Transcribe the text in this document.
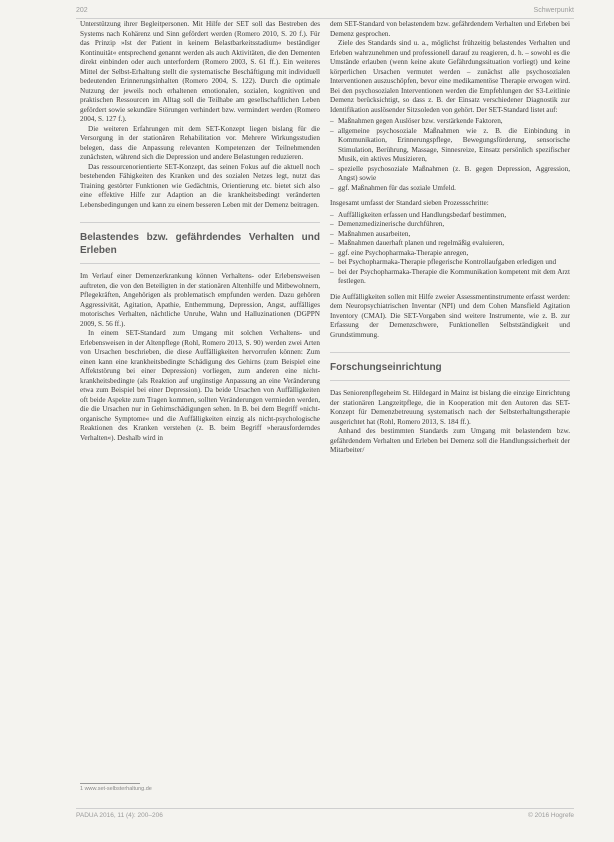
202	Schwerpunkt

Unterstützung ihrer Begleitpersonen. Mit Hilfe der SET soll das Bestreben des Systems nach Kohärenz und Sinn gefördert werden (Romero 2010, S. 20 f.). Für das Prinzip »Ist der Patient in keinem Belastbarkeitsstadium« beständiger Kontinuität« entsprechend genannt werden als auch Aktivitäten, die den Dementen direkt einbinden oder auch unterfordern (Romero 2003, S. 61 ff.). Ein weiteres Mittel der Selbst-Erhaltung stellt die systematische Beschäftigung mit individuell bedeutenden Erinnerungsinhalten (Romero 2004, S. 122). Durch die optimale Nutzung der jeweils noch erhaltenen emotionalen, sozialen, kognitiven und praktischen Ressourcen im Alltag soll die Teilhabe am gesellschaftlichen Leben gefördert sowie sekundäre Störungen verhindert bzw. vermindert werden (Romero 2004, S. 127 f.).

Die weiteren Erfahrungen mit dem SET-Konzept liegen bislang für die Versorgung in der stationären Rehabilitation vor. Mehrere Wirkungsstudien belegen, dass die Anpassung relevanten Kompetenzen der Teilnehmenden zunächsten, während sich die Depression und andere Belastungen reduzieren.

Das ressourcenorientierte SET-Konzept, das seinen Fokus auf die aktuell noch bestehenden Fähigkeiten des Kranken und des sozialen Netzes legt, nutzt das Training gestörter Funktionen wie Gedächtnis, Orientierung etc. bietet sich also eine effektive Hilfe zur Adaption an die krankheitsbedingt veränderten Lebensbedingungen und kann zu einem besseren Leben mit der Demenz beitragen.

Belastendes bzw. gefährdendes Verhalten und Erleben

Im Verlauf einer Demenzerkrankung können Verhaltens- oder Erlebensweisen auftreten, die von den Beteiligten in der stationären Altenhilfe und Mitbewohnern, Pflegekräften, Angehörigen als problematisch empfunden werden. Dazu gehören Aggressivität, Agitation, Apathie, Enthemmung, Depression, Angst, auffälliges motorisches Verhalten, nächtliche Unruhe, Wahn und Halluzinationen (DGPPN 2009, S. 56 ff.).

In einem SET-Standard zum Umgang mit solchen Verhaltens- und Erlebensweisen in der Altenpflege (Rohl, Romero 2013, S. 90) werden zwei Arten von Ursachen beschrieben, die diese Auffälligkeiten hervorrufen können: Zum einen kann eine krankheitsbedingte Schädigung des Gehirns (zum Beispiel eine Affektstörung bei einer Depression) vorliegen, zum anderen eine nicht-krankheitsbedingte (als Reaktion auf ungünstige Anpassung an eine Veränderung etwa zum Beispiel bei einer Depression). Da beide Ursachen von Auffälligkeiten oft beide Aspekte zum Tragen kommen, sollten Veränderungen vermieden werden, die die Ursachen nur in Gehirnschädigungen sehen. In B. bei dem Begriff »nicht-organische Symptome« und die Auffälligkeiten einzig als nicht-psychologische Reaktionen des Kranken verstehen (z. B. beim Begriff »herausforderndes Verhalten«). Deshalb wird in

dem SET-Standard von belastendem bzw. gefährdendem Verhalten und Erleben bei Demenz gesprochen.

Ziele des Standards sind u. a., möglichst frühzeitig belastendes Verhalten und Erleben wahrzunehmen und professionell darauf zu reagieren, d. h. – sowohl es die Umstände erlauben (wenn keine akute Gefährdungssituation vorliegt) und keine körperlichen Ursachen vermutet werden – zunächst alle psychosozialen Interventionen auszuschöpfen, bevor eine medikamentöse Therapie erwogen wird. Bei den psychosozialen Interventionen werden die Empfehlungen der S3-Leitlinie Demenz berücksichtigt, so dass z. B. der Einsatz verschiedener Diagnostik zur Identifikation auslösender Sitzsoleden von gehört. Der SET-Standard listet auf:

– Maßnahmen gegen Auslöser bzw. verstärkende Faktoren,
– allgemeine psychosoziale Maßnahmen wie z. B. die Einbindung in Kommunikation, Erinnerungspflege, Bewegungsförderung, sensorische Stimulation, Berührung, Massage, Sinnesreize, Einsatz persönlich spezifischer Musik, ein aktives Musizieren,
– spezielle psychosoziale Maßnahmen (z. B. gegen Depression, Aggression, Angst) sowie
– ggf. Maßnahmen für das soziale Umfeld.

Insgesamt umfasst der Standard sieben Prozessschritte:

– Auffälligkeiten erfassen und Handlungsbedarf bestimmen,
– Demenzmedizinerische durchführen,
– Maßnahmen ausarbeiten,
– Maßnahmen dauerhaft planen und regelmäßig evaluieren,
– ggf. eine Psychopharmaka-Therapie anregen,
– bei Psychopharmaka-Therapie pflegerische Kontrollaufgaben erledigen und
– bei der Psychopharmaka-Therapie die Kommunikation kompetent mit dem Arzt festlegen.

Die Auffälligkeiten sollen mit Hilfe zweier Assessmentinstrumente erfasst werden: dem Neuropsychiatrischen Inventar (NPI) und dem Cohen Mansfield Agitation Inventory (CMAI). Die SET-Vorgaben sind weitere Instrumente, wie z. B. zur Erfassung der Demenzschwere, Funktionellen Selbstständigkeit und Grundstimmung.

Forschungseinrichtung

Das Seniorenpflegeheim St. Hildegard in Mainz ist bislang die einzige Einrichtung der stationären Langzeitpflege, die in Kooperation mit den Autoren das SET-Konzept für Demenzbetreuung systematisch nach der Selbsterhaltungstherapie ausgerichtet hat (Rohl, Romero 2013, S. 184 ff.).

Anhand des bestimmten Standards zum Umgang mit belastendem bzw. gefährdendem Verhalten und Erleben bei Demenz soll die Handlungssicherheit der Mitarbeiter/

1 www.set-selbsterhaltung.de
PADUA 2016, 11 (4): 200–206	© 2016 Hogrefe
